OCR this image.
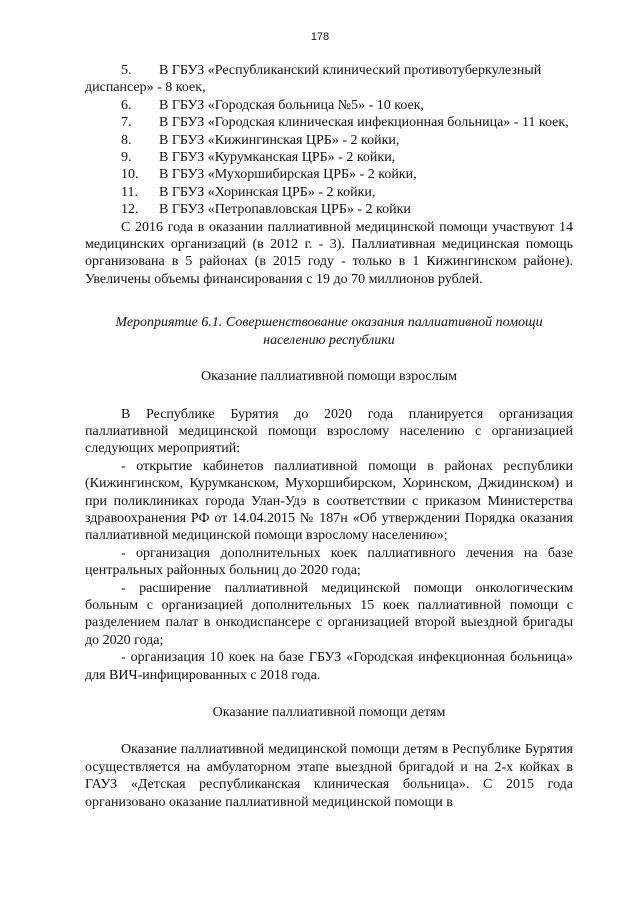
178
5. В ГБУЗ «Республиканский клинический противотуберкулезный диспансер» - 8 коек,
6.	В ГБУЗ «Городская больница №5» - 10 коек,
7. В ГБУЗ «Городская клиническая инфекционная больница» - 11 коек,
8.	В ГБУЗ «Кижингинская ЦРБ» - 2 койки,
9.	В ГБУЗ «Курумканская ЦРБ» - 2 койки,
10.	В ГБУЗ «Мухоршибирская ЦРБ» - 2 койки,
11.	В ГБУЗ «Хоринская ЦРБ» - 2 койки,
12.	В ГБУЗ «Петропавловская ЦРБ» - 2 койки

С 2016 года в оказании паллиативной медицинской помощи участвуют 14 медицинских организаций (в 2012 г. - 3). Паллиативная медицинская помощь организована в 5 районах (в 2015 году - только в 1 Кижингинском районе). Увеличены объемы финансирования с 19 до 70 миллионов рублей.

Мероприятие 6.1. Совершенствование оказания паллиативной помощи населению республики

Оказание паллиативной помощи взрослым

В Республике Бурятия до 2020 года планируется организация паллиативной медицинской помощи взрослому населению с организацией следующих мероприятий:

- открытие кабинетов паллиативной помощи в районах республики (Кижингинском, Курумканском, Мухоршибирском, Хоринском, Джидинском) и при поликлиниках города Улан-Удэ в соответствии с приказом Министерства здравоохранения РФ от 14.04.2015 № 187н «Об утверждении Порядка оказания паллиативной медицинской помощи взрослому населению»;

- организация дополнительных коек паллиативного лечения на базе центральных районных больниц до 2020 года;

- расширение паллиативной медицинской помощи онкологическим больным с организацией дополнительных 15 коек паллиативной помощи с разделением палат в онкодиспансере с организацией второй выездной бригады до 2020 года;

- организация 10 коек на базе ГБУЗ «Городская инфекционная больница» для ВИЧ-инфицированных с 2018 года.

Оказание паллиативной помощи детям

Оказание паллиативной медицинской помощи детям в Республике Бурятия осуществляется на амбулаторном этапе выездной бригадой и на 2-х койках в ГАУЗ «Детская республиканская клиническая больница». С 2015 года организовано оказание паллиативной медицинской помощи в
